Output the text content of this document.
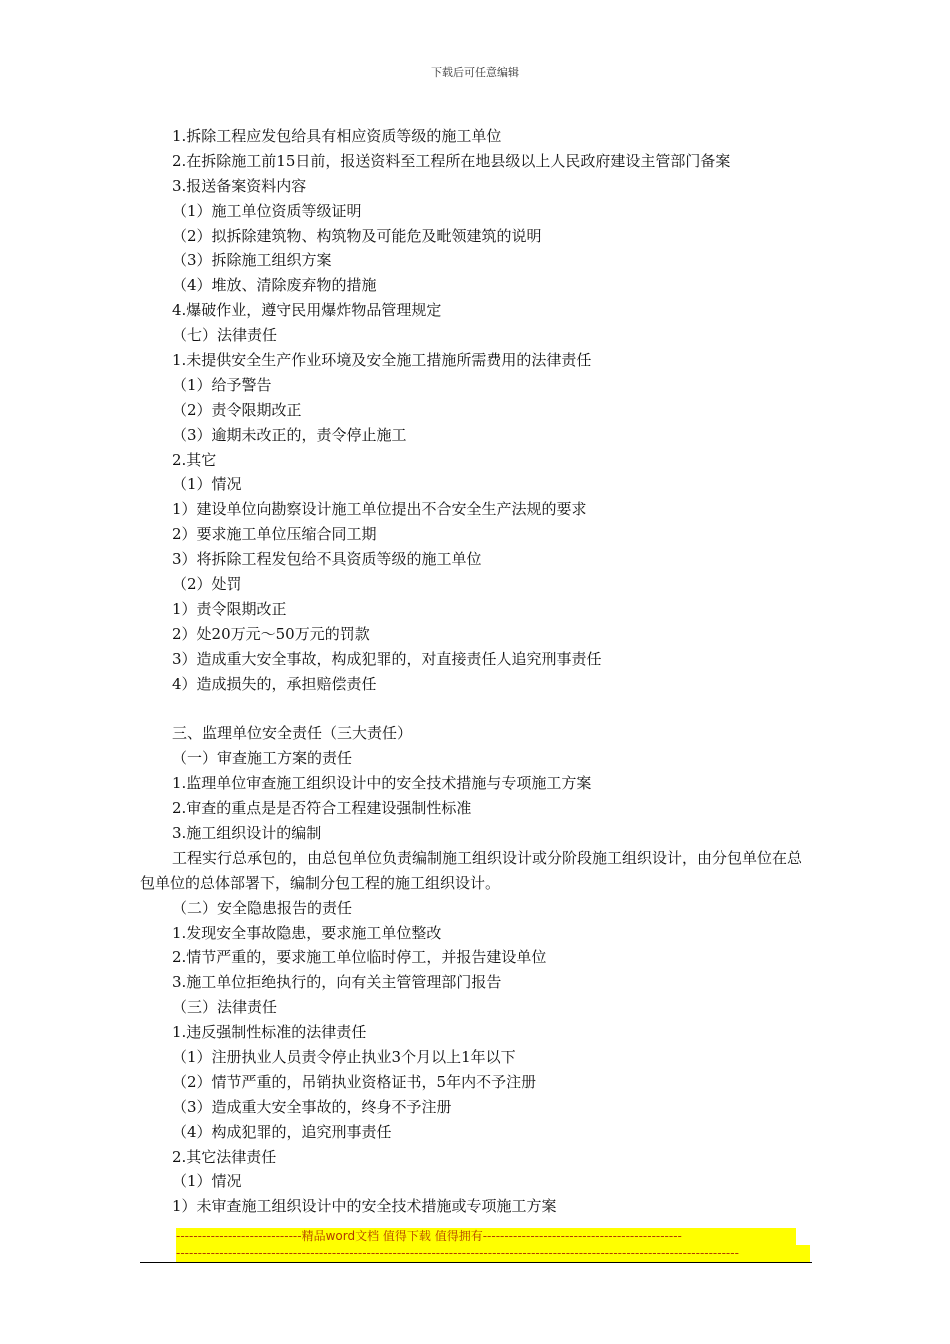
下载后可任意编辑
1.拆除工程应发包给具有相应资质等级的施工单位
2.在拆除施工前15日前，报送资料至工程所在地县级以上人民政府建设主管部门备案
3.报送备案资料内容
（1）施工单位资质等级证明
（2）拟拆除建筑物、构筑物及可能危及毗领建筑的说明
（3）拆除施工组织方案
（4）堆放、清除废弃物的措施
4.爆破作业，遵守民用爆炸物品管理规定
（七）法律责任
1.未提供安全生产作业环境及安全施工措施所需费用的法律责任
（1）给予警告
（2）责令限期改正
（3）逾期未改正的，责令停止施工
2.其它
（1）情况
1）建设单位向勘察设计施工单位提出不合安全生产法规的要求
2）要求施工单位压缩合同工期
3）将拆除工程发包给不具资质等级的施工单位
（2）处罚
1）责令限期改正
2）处20万元～50万元的罚款
3）造成重大安全事故，构成犯罪的，对直接责任人追究刑事责任
4）造成损失的，承担赔偿责任
三、监理单位安全责任（三大责任）
（一）审查施工方案的责任
1.监理单位审查施工组织设计中的安全技术措施与专项施工方案
2.审查的重点是是否符合工程建设强制性标准
3.施工组织设计的编制
工程实行总承包的，由总包单位负责编制施工组织设计或分阶段施工组织设计，由分包单位在总包单位的总体部署下，编制分包工程的施工组织设计。
（二）安全隐患报告的责任
1.发现安全事故隐患，要求施工单位整改
2.情节严重的，要求施工单位临时停工，并报告建设单位
3.施工单位拒绝执行的，向有关主管管理部门报告
（三）法律责任
1.违反强制性标准的法律责任
（1）注册执业人员责令停止执业3个月以上1年以下
（2）情节严重的，吊销执业资格证书，5年内不予注册
（3）造成重大安全事故的，终身不予注册
（4）构成犯罪的，追究刑事责任
2.其它法律责任
（1）情况
1）未审查施工组织设计中的安全技术措施或专项施工方案
-----------------------------精品word文档 值得下载 值得拥有----------------------------------------------
----------------------------------------------------------------------------------------------------------------------------------
